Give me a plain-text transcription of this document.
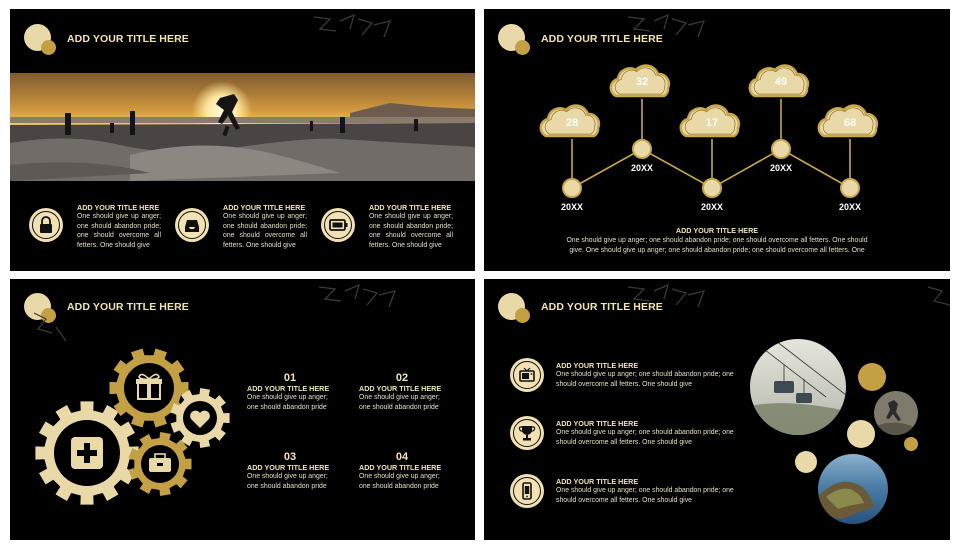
ADD YOUR TITLE HERE
ADD YOUR TITLE HERE
One should give up anger; one should abandon pride; one should overcome all fetters. One should give
ADD YOUR TITLE HERE
One should give up anger; one should abandon pride; one should overcome all fetters. One should give
ADD YOUR TITLE HERE
One should give up anger; one should abandon pride; one should overcome all fetters. One should give
ADD YOUR TITLE HERE
28
32
17
49
68
20XX
20XX
20XX
20XX
20XX
ADD YOUR TITLE HERE
One should give up anger; one should abandon pride; one should overcome all fetters. One should give. One should give up anger; one should abandon pride; one should overcome all fetters. One
ADD YOUR TITLE HERE
01
ADD YOUR TITLE HERE
One should give up anger; one should abandon pride
02
ADD YOUR TITLE HERE
One should give up anger; one should abandon pride
03
ADD YOUR TITLE HERE
One should give up anger; one should abandon pride
04
ADD YOUR TITLE HERE
One should give up anger; one should abandon pride
ADD YOUR TITLE HERE
ADD YOUR TITLE HERE
One should give up anger; one should abandon pride; one should overcome all fetters. One should give
ADD YOUR TITLE HERE
One should give up anger; one should abandon pride; one should overcome all fetters. One should give
ADD YOUR TITLE HERE
One should give up anger; one should abandon pride; one should overcome all fetters. One should give
